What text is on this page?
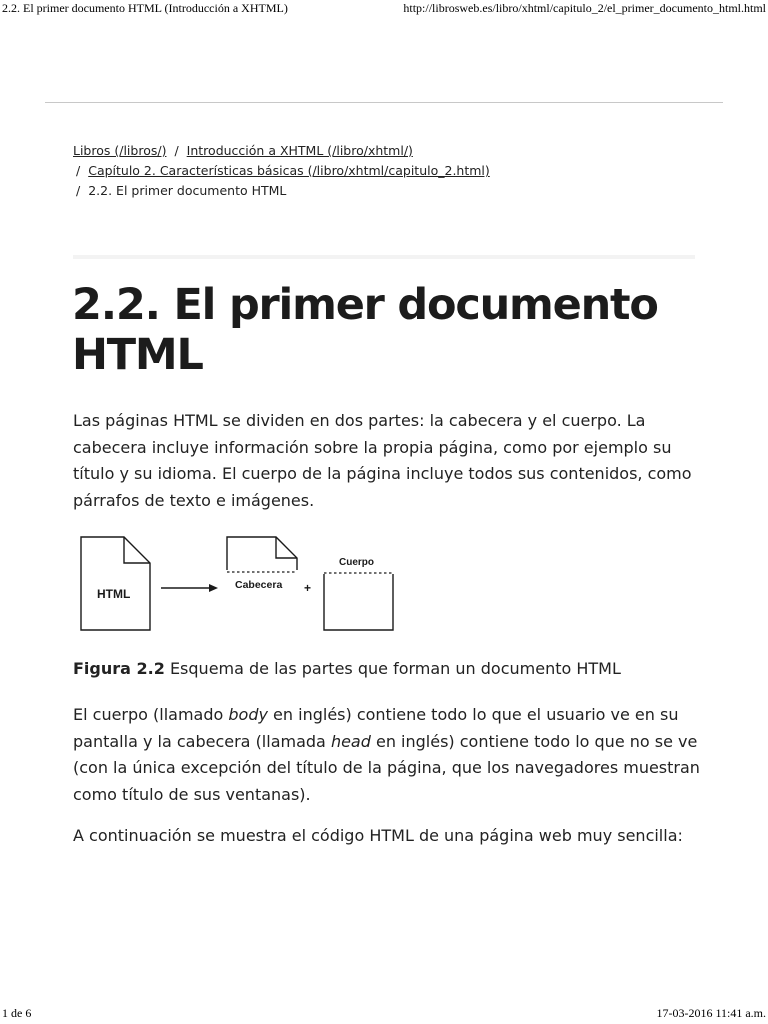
2.2. El primer documento HTML (Introducción a XHTML)	http://librosweb.es/libro/xhtml/capitulo_2/el_primer_documento_html.html
Libros (/libros/) / Introducción a XHTML (/libro/xhtml/)
/ Capítulo 2. Características básicas (/libro/xhtml/capitulo_2.html)
/ 2.2. El primer documento HTML
2.2. El primer documento
HTML

Las páginas HTML se dividen en dos partes: la cabecera y el cuerpo. La cabecera incluye información sobre la propia página, como por ejemplo su título y su idioma. El cuerpo de la página incluye todos sus contenidos, como párrafos de texto e imágenes.

HTML
Cabecera +
Cuerpo

Figura 2.2 Esquema de las partes que forman un documento HTML

El cuerpo (llamado body en inglés) contiene todo lo que el usuario ve en su pantalla y la cabecera (llamada head en inglés) contiene todo lo que no se ve (con la única excepción del título de la página, que los navegadores muestran como título de sus ventanas).

A continuación se muestra el código HTML de una página web muy sencilla:

1 de 6	17-03-2016 11:41 a.m.
